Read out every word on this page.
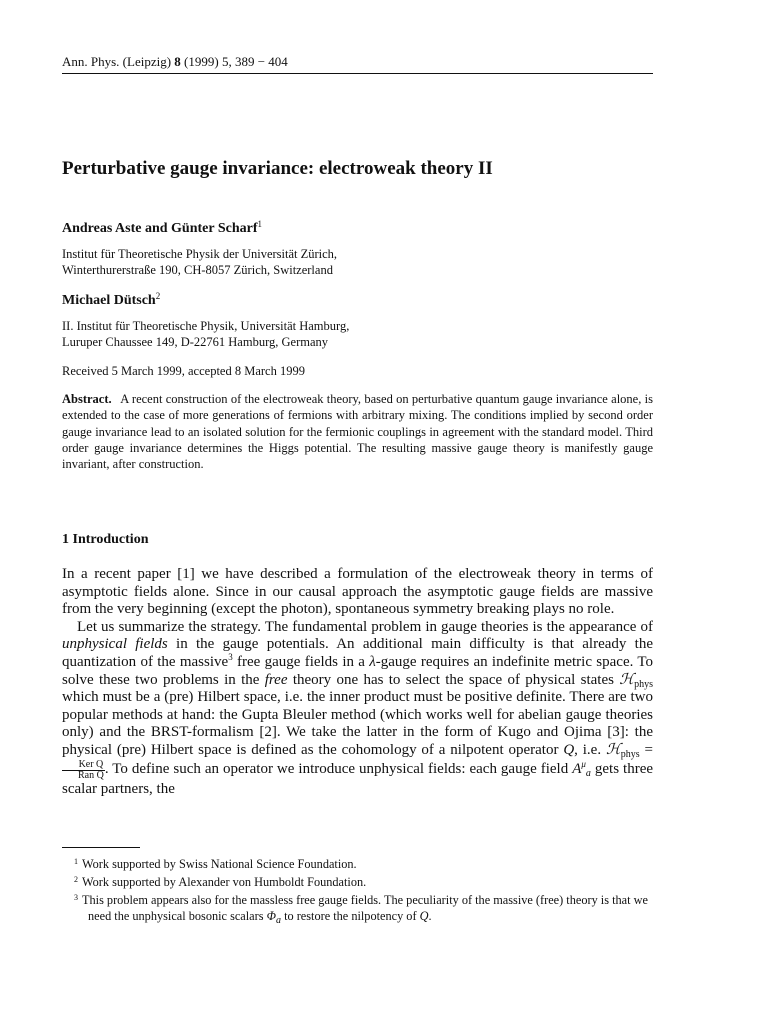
Ann. Phys. (Leipzig) 8 (1999) 5, 389 − 404
Perturbative gauge invariance: electroweak theory II
Andreas Aste and Günter Scharf$^1$
Institut für Theoretische Physik der Universität Zürich,
Winterthurerstraße 190, CH-8057 Zürich, Switzerland
Michael Dütsch$^2$
II. Institut für Theoretische Physik, Universität Hamburg,
Luruper Chaussee 149, D-22761 Hamburg, Germany
Received 5 March 1999, accepted 8 March 1999
Abstract. A recent construction of the electroweak theory, based on perturbative quantum gauge invariance alone, is extended to the case of more generations of fermions with arbitrary mixing. The conditions implied by second order gauge invariance lead to an isolated solution for the fermionic couplings in agreement with the standard model. Third order gauge invariance determines the Higgs potential. The resulting massive gauge theory is manifestly gauge invariant, after construction.
1 Introduction

In a recent paper [1] we have described a formulation of the electroweak theory in terms of asymptotic fields alone. Since in our causal approach the asymptotic gauge fields are massive from the very beginning (except the photon), spontaneous symmetry breaking plays no role.

Let us summarize the strategy. The fundamental problem in gauge theories is the appearance of unphysical fields in the gauge potentials. An additional main difficulty is that already the quantization of the massive$^3$ free gauge fields in a λ-gauge requires an indefinite metric space. To solve these two problems in the free theory one has to select the space of physical states ℋ$_{phys}$ which must be a (pre) Hilbert space, i.e. the inner product must be positive definite. There are two popular methods at hand: the Gupta Bleuler method (which works well for abelian gauge theories only) and the BRST-formalism [2]. We take the latter in the form of Kugo and Ojima [3]: the physical (pre) Hilbert space is defined as the cohomology of a nilpotent operator Q, i.e. ℋ$_{phys}$ =
$\frac{\text{Ker Q}}{\text{Ran Q}}$ . To define such an operator we introduce unphysical fields: each gauge field $A^\mu_a$ gets three scalar partners, the

$^1$ Work supported by Swiss National Science Foundation.
$^2$ Work supported by Alexander von Humboldt Foundation.
$^3$ This problem appears also for the massless free gauge fields. The peculiarity of the massive (free) theory is that we need the unphysical bosonic scalars $\Phi_a$ to restore the nilpotency of Q.
